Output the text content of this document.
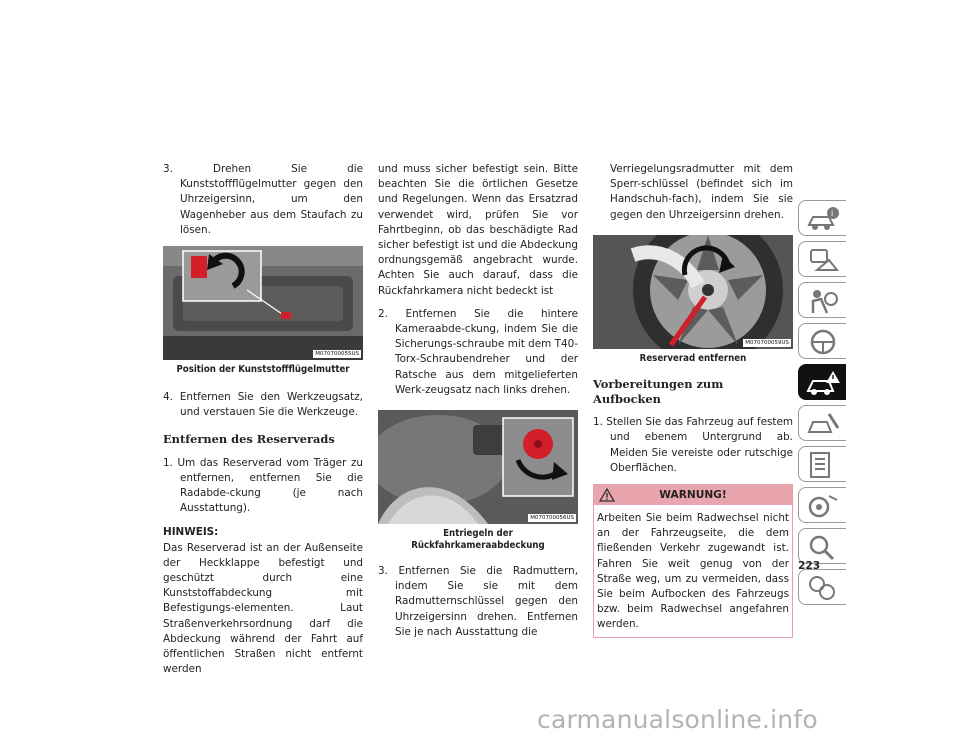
3. Drehen Sie die Kunststoffflügelmutter gegen den Uhrzeigersinn, um den Wagenheber aus dem Staufach zu lösen.

M070700055US
Position der Kunststoffflügelmutter

4. Entfernen Sie den Werkzeugsatz, und verstauen Sie die Werkzeuge.

Entfernen des Reserverads

1. Um das Reserverad vom Träger zu entfernen, entfernen Sie die Radabde-ckung (je nach Ausstattung).

HINWEIS:

Das Reserverad ist an der Außenseite der Heckklappe befestigt und geschützt durch eine Kunststoffabdeckung mit Befestigungs-elementen. Laut Straßenverkehrsordnung darf die Abdeckung während der Fahrt auf öffentlichen Straßen nicht entfernt werden

und muss sicher befestigt sein. Bitte beachten Sie die örtlichen Gesetze und Regelungen. Wenn das Ersatzrad verwendet wird, prüfen Sie vor Fahrtbeginn, ob das beschädigte Rad sicher befestigt ist und die Abdeckung ordnungsgemäß angebracht wurde. Achten Sie auch darauf, dass die Rückfahrkamera nicht bedeckt ist

2. Entfernen Sie die hintere Kameraabde-ckung, indem Sie die Sicherungs-schraube mit dem T40-Torx-Schraubendreher und der Ratsche aus dem mitgelieferten Werk-zeugsatz nach links drehen.

M070700056US
Entriegeln der Rückfahrkameraabdeckung

3. Entfernen Sie die Radmuttern, indem Sie sie mit dem Radmutternschlüssel gegen den Uhrzeigersinn drehen. Entfernen Sie je nach Ausstattung die

Verriegelungsradmutter mit dem Sperr-schlüssel (befindet sich im Handschuh-fach), indem Sie sie gegen den Uhrzeigersinn drehen.

M070700059US
Reserverad entfernen
Vorbereitungen zum Aufbocken

1. Stellen Sie das Fahrzeug auf festem und ebenem Untergrund ab. Meiden Sie vereiste oder rutschige Oberflächen.

WARNUNG!

Arbeiten Sie beim Radwechsel nicht an der Fahrzeugseite, die dem fließenden Verkehr zugewandt ist. Fahren Sie weit genug von der Straße weg, um zu vermeiden, dass Sie beim Aufbocken des Fahrzeugs bzw. beim Radwechsel angefahren werden.

i
223
carmanualsonline.info
